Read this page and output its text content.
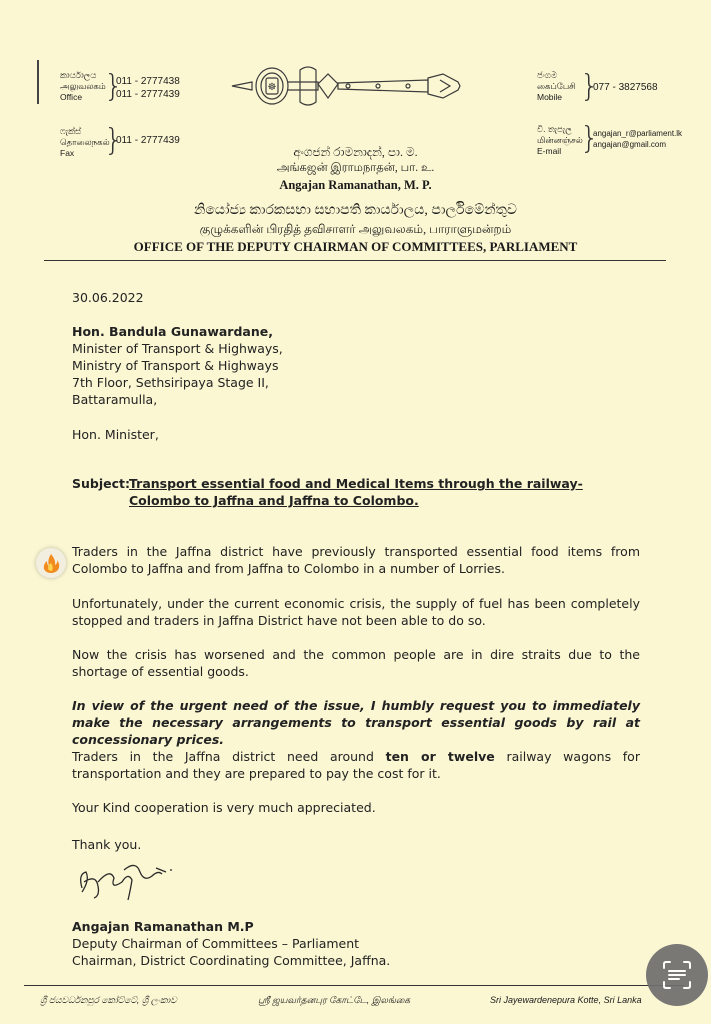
කාර්යාලය
அலுவலகம்
Office }
011 - 2777438
011 - 2777439
ෆැක්ස්
தொலைநகல்
Fax }
011 - 2777439
ජංගම
கைப்பேசி
Mobile }
077 - 3827568
වි. තැපැල
மின்னஞ்சல்
E-mail }
angajan_r@parliament.lk
angajan@gmail.com
☸
අංගජන් රාමනාදන්, පා. ම.
அங்கஜன் இராமநாதன், பா. உ.
Angajan Ramanathan, M. P.
නියෝජ්‍ය කාරකසභා සභාපති කාර්යාලය, පාර්ලිමේන්තුව
குழுக்களின் பிரதித் தவிசாளர் அலுவலகம், பாராளுமன்றம்
OFFICE OF THE DEPUTY CHAIRMAN OF COMMITTEES, PARLIAMENT
30.06.2022
Hon. Bandula Gunawardane,
Minister of Transport & Highways,
Ministry of Transport & Highways
7th Floor, Sethsiripaya Stage II,
Battaramulla,
Hon. Minister,
Subject: Transport essential food and Medical Items through the railway-
Colombo to Jaffna and Jaffna to Colombo.
Traders in the Jaffna district have previously transported essential food items from Colombo to Jaffna and from Jaffna to Colombo in a number of Lorries.
Unfortunately, under the current economic crisis, the supply of fuel has been completely stopped and traders in Jaffna District have not been able to do so.
Now the crisis has worsened and the common people are in dire straits due to the shortage of essential goods.
In view of the urgent need of the issue, I humbly request you to immediately make the necessary arrangements to transport essential goods by rail at concessionary prices.
Traders in the Jaffna district need around ten or twelve railway wagons for transportation and they are prepared to pay the cost for it.
Your Kind cooperation is very much appreciated.
Thank you.
Angajan Ramanathan M.P
Deputy Chairman of Committees – Parliament
Chairman, District Coordinating Committee, Jaffna.
ශ්‍රී ජයවර්ධනපුර කෝට්ටේ, ශ්‍රී ලංකාව	ஸ்ரீ ஜயவர்தனபுர கோட்டே, இலங்கை	Sri Jayewardenepura Kotte, Sri Lanka
